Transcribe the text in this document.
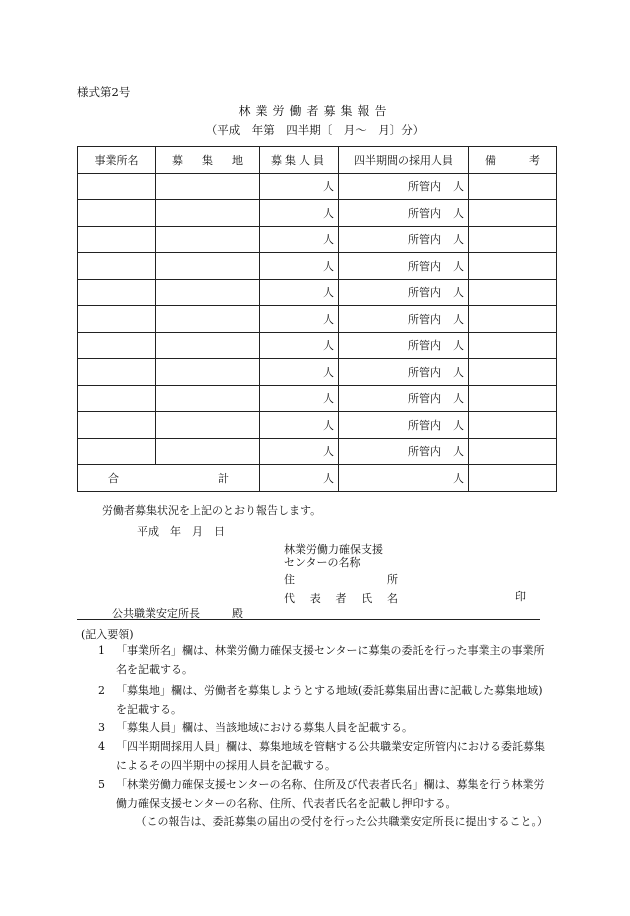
様式第2号
林業労働者募集報告
（平成　年第　四半期〔　月～　月〕分）
事業所名	募 集 地	募集人員	四半期間の採用人員	備 考

		人	所管内 人	
		人	所管内 人	
		人	所管内 人	
		人	所管内 人	
		人	所管内 人	
		人	所管内 人	
		人	所管内 人	
		人	所管内 人	
		人	所管内 人	
		人	所管内 人	
		人	所管内 人	

合 計		人	人	
労働者募集状況を上記のとおり報告します。
平成　年　月　日
林業労働力確保支援
センターの名称
住	所
代 表 者 氏 名	印
公共職業安定所長	殿
(記入要領)
1 「事業所名」欄は、林業労働力確保支援センターに募集の委託を行った事業主の事業所名を記載する。
2 「募集地」欄は、労働者を募集しようとする地域(委託募集届出書に記載した募集地域)を記載する。
3 「募集人員」欄は、当該地域における募集人員を記載する。
4 「四半期間採用人員」欄は、募集地域を管轄する公共職業安定所管内における委託募集によるその四半期中の採用人員を記載する。
5 「林業労働力確保支援センターの名称、住所及び代表者氏名」欄は、募集を行う林業労働力確保支援センターの名称、住所、代表者氏名を記載し押印する。
（この報告は、委託募集の届出の受付を行った公共職業安定所長に提出すること。）
